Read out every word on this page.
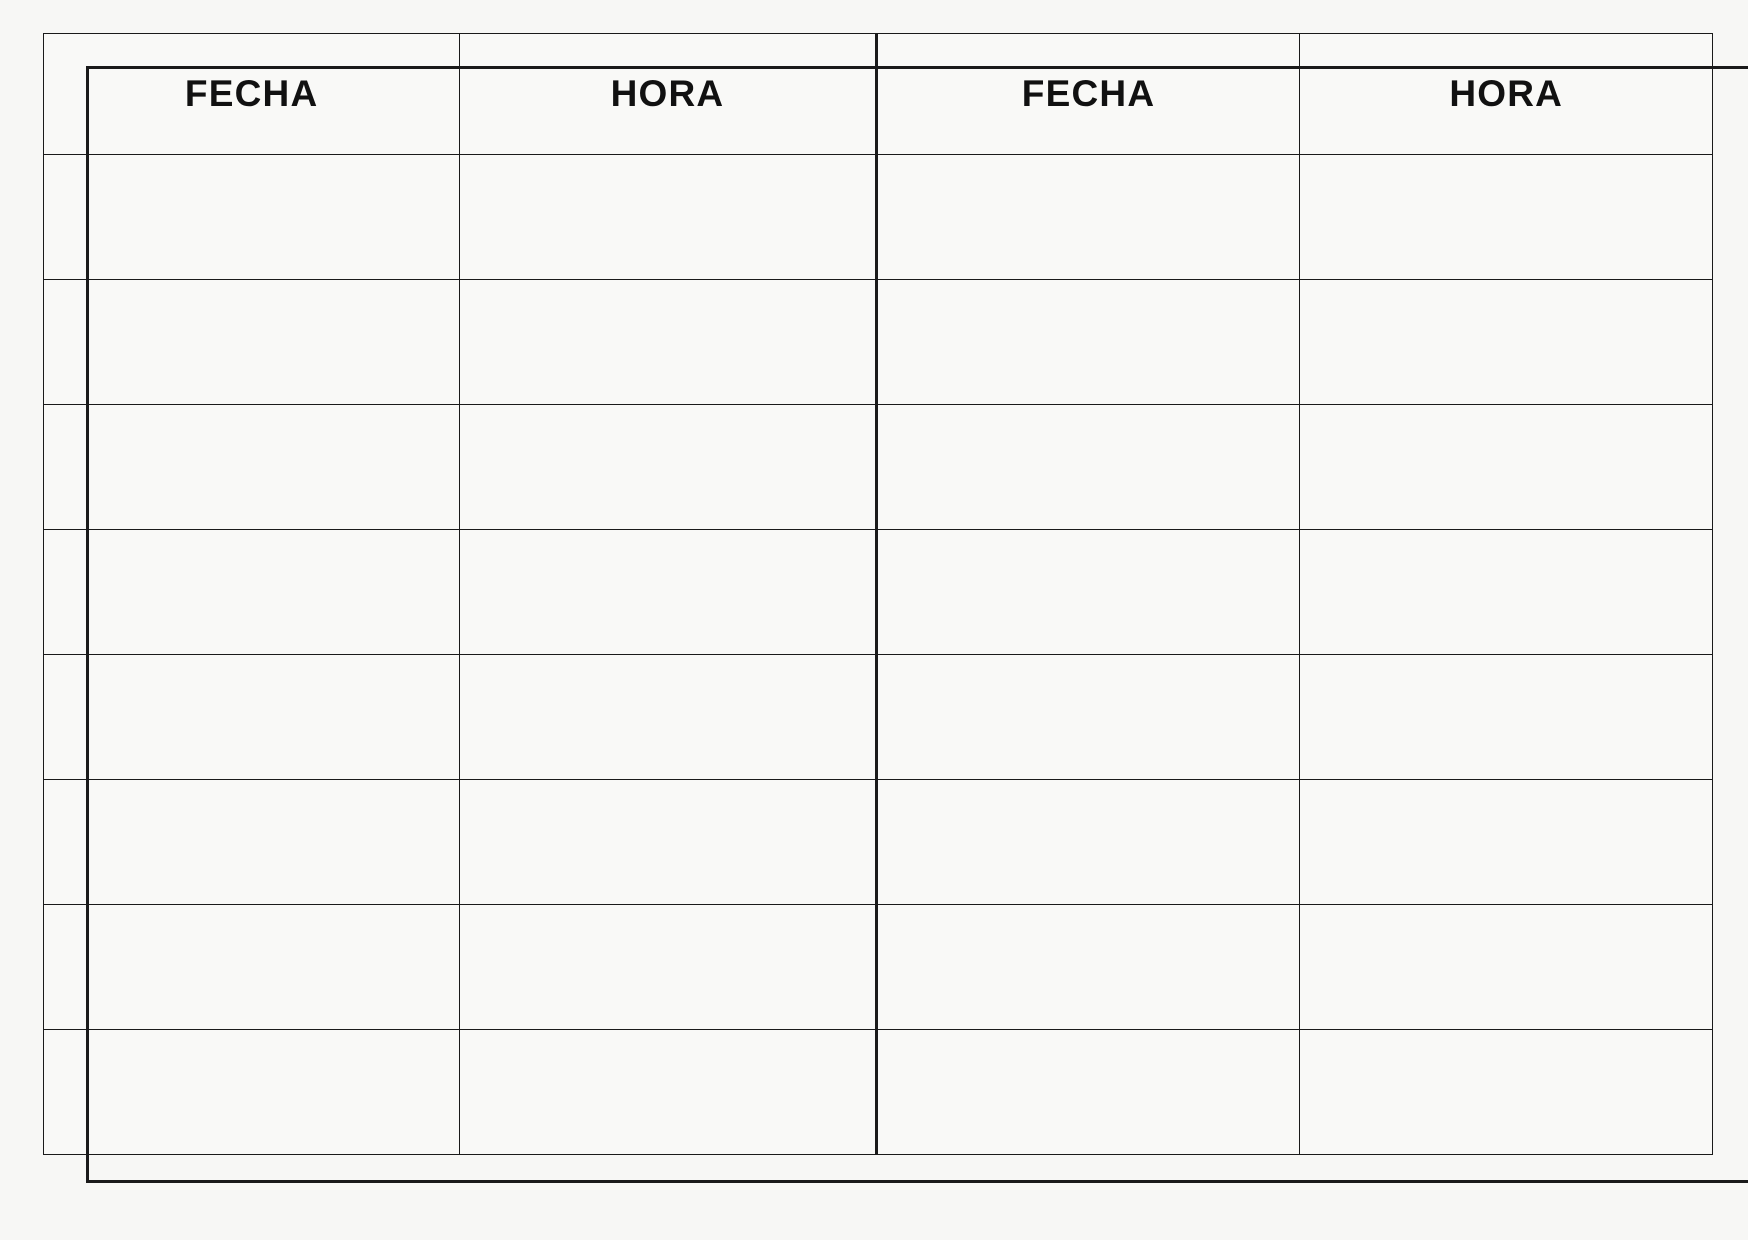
FECHA	HORA	FECHA	HORA
